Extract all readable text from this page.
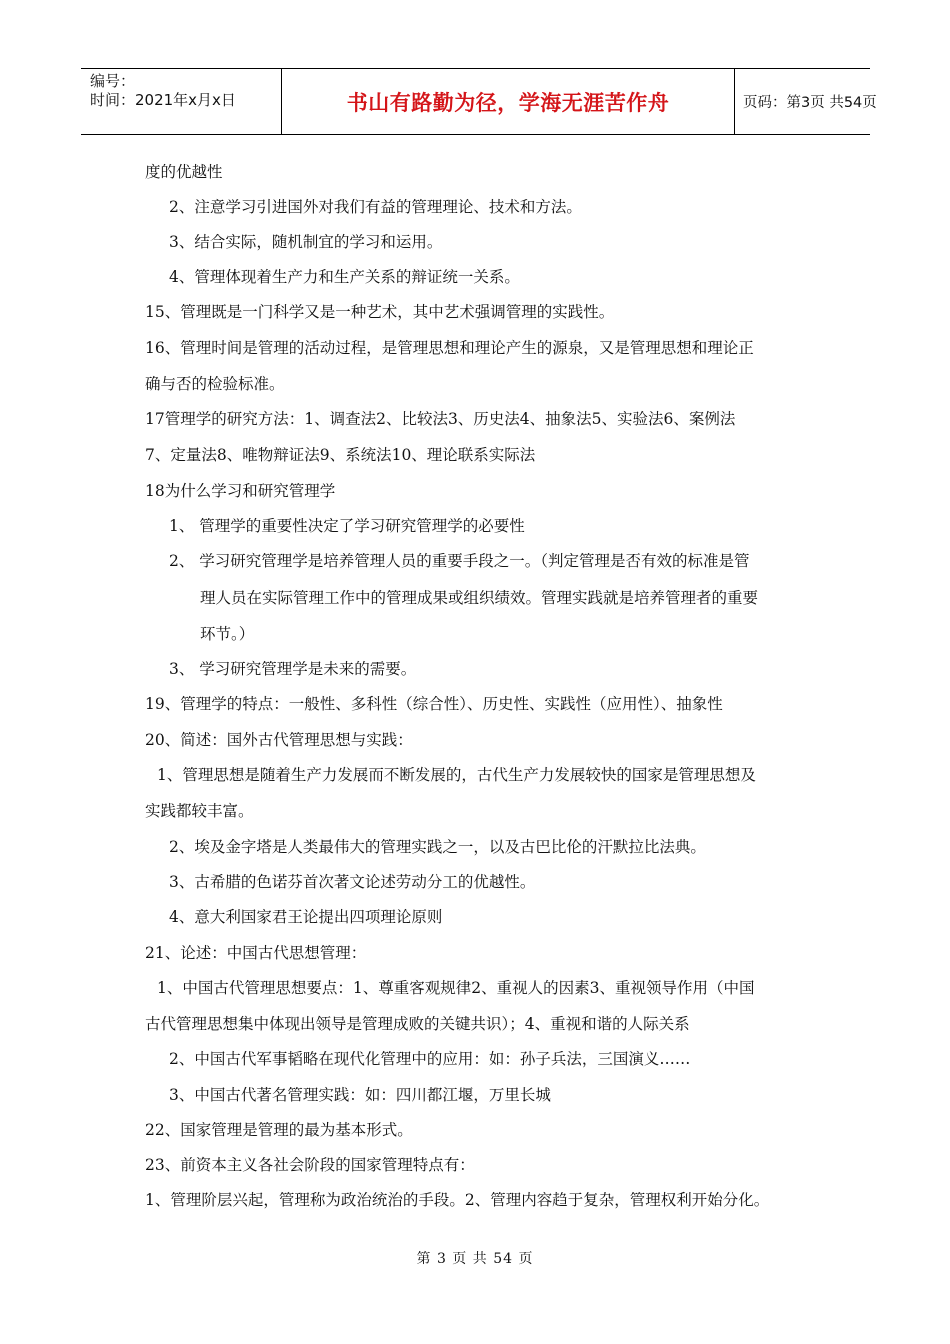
编号：
时间：2021年x月x日	书山有路勤为径，学海无涯苦作舟	页码：第3页 共54页
度的优越性
2、注意学习引进国外对我们有益的管理理论、技术和方法。
3、结合实际，随机制宜的学习和运用。
4、管理体现着生产力和生产关系的辩证统一关系。
15、管理既是一门科学又是一种艺术，其中艺术强调管理的实践性。
16、管理时间是管理的活动过程，是管理思想和理论产生的源泉，又是管理思想和理论正
确与否的检验标准。
17管理学的研究方法：1、调查法2、比较法3、历史法4、抽象法5、实验法6、案例法
7、定量法8、唯物辩证法9、系统法10、理论联系实际法
18为什么学习和研究管理学
1、 管理学的重要性决定了学习研究管理学的必要性
2、 学习研究管理学是培养管理人员的重要手段之一。（判定管理是否有效的标准是管
理人员在实际管理工作中的管理成果或组织绩效。管理实践就是培养管理者的重要
环节。）
3、 学习研究管理学是未来的需要。
19、管理学的特点：一般性、多科性（综合性）、历史性、实践性（应用性）、抽象性
20、简述：国外古代管理思想与实践：
1、管理思想是随着生产力发展而不断发展的，古代生产力发展较快的国家是管理思想及
实践都较丰富。
2、埃及金字塔是人类最伟大的管理实践之一，以及古巴比伦的汗默拉比法典。
3、古希腊的色诺芬首次著文论述劳动分工的优越性。
4、意大利国家君王论提出四项理论原则
21、论述：中国古代思想管理：
1、中国古代管理思想要点：1、尊重客观规律2、重视人的因素3、重视领导作用（中国
古代管理思想集中体现出领导是管理成败的关键共识）；4、重视和谐的人际关系
2、中国古代军事韬略在现代化管理中的应用：如：孙子兵法，三国演义……
3、中国古代著名管理实践：如：四川都江堰，万里长城
22、国家管理是管理的最为基本形式。
23、前资本主义各社会阶段的国家管理特点有：
1、管理阶层兴起，管理称为政治统治的手段。2、管理内容趋于复杂，管理权利开始分化。
第 3 页 共 54 页
